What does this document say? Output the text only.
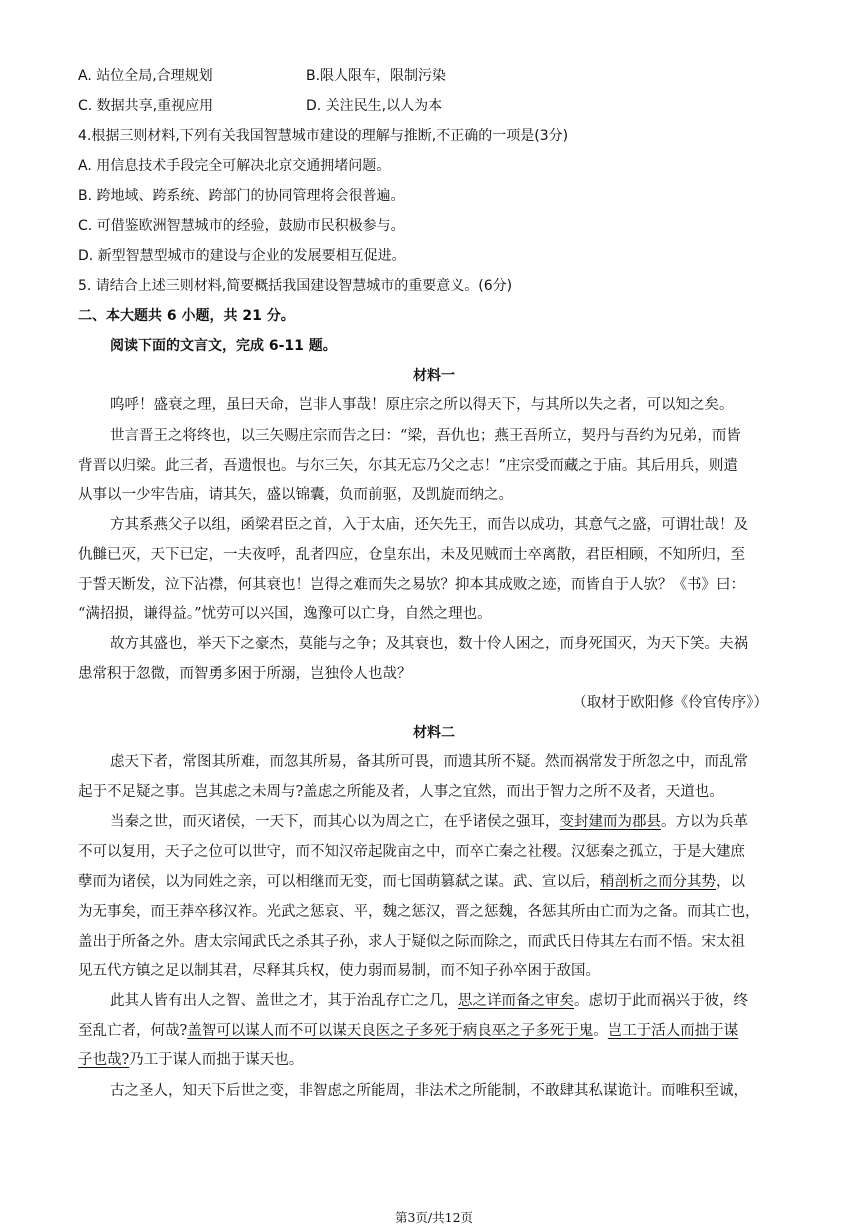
A. 站位全局,合理规划	B.限人限车，限制污染
C. 数据共享,重视应用	D. 关注民生,以人为本
4.根据三则材料,下列有关我国智慧城市建设的理解与推断,不正确的一项是(3分)
A. 用信息技术手段完全可解决北京交通拥堵问题。
B. 跨地域、跨系统、跨部门的协同管理将会很普遍。
C. 可借鉴欧洲智慧城市的经验，鼓励市民积极参与。
D. 新型智慧型城市的建设与企业的发展要相互促进。
5. 请结合上述三则材料,简要概括我国建设智慧城市的重要意义。(6分)
二、本大题共 6 小题，共 21 分。
阅读下面的文言文，完成 6-11 题。
材料一
呜呼！盛衰之理，虽曰天命，岂非人事哉！原庄宗之所以得天下，与其所以失之者，可以知之矣。
世言晋王之将终也，以三矢赐庄宗而告之曰：“梁，吾仇也；燕王吾所立，契丹与吾约为兄弟，而皆
背晋以归梁。此三者，吾遗恨也。与尔三矢，尔其无忘乃父之志！”庄宗受而藏之于庙。其后用兵，则遣
从事以一少牢告庙，请其矢，盛以锦囊，负而前驱，及凯旋而纳之。
方其系燕父子以组，函梁君臣之首，入于太庙，还矢先王，而告以成功，其意气之盛，可谓壮哉！及
仇雠已灭，天下已定，一夫夜呼，乱者四应，仓皇东出，未及见贼而士卒离散，君臣相顾，不知所归，至
于誓天断发，泣下沾襟，何其衰也！岂得之难而失之易欤？抑本其成败之迹，而皆自于人欤？《书》曰：
“满招损，谦得益。”忧劳可以兴国，逸豫可以亡身，自然之理也。
故方其盛也，举天下之豪杰，莫能与之争；及其衰也，数十伶人困之，而身死国灭，为天下笑。夫祸
患常积于忽微，而智勇多困于所溺，岂独伶人也哉？
（取材于欧阳修《伶官传序》）
材料二
虑天下者，常图其所难，而忽其所易，备其所可畏，而遗其所不疑。然而祸常发于所忽之中，而乱常
起于不足疑之事。岂其虑之未周与?盖虑之所能及者，人事之宜然，而出于智力之所不及者，天道也。
当秦之世，而灭诸侯，一天下，而其心以为周之亡，在乎诸侯之强耳，变封建而为郡县。方以为兵革
不可以复用，天子之位可以世守，而不知汉帝起陇亩之中，而卒亡秦之社稷。汉惩秦之孤立，于是大建庶
孽而为诸侯，以为同姓之亲，可以相继而无变，而七国萌篡弑之谋。武、宣以后，稍剖析之而分其势，以
为无事矣，而王莽卒移汉祚。光武之惩哀、平，魏之惩汉，晋之惩魏，各惩其所由亡而为之备。而其亡也，
盖出于所备之外。唐太宗闻武氏之杀其子孙，求人于疑似之际而除之，而武氏日侍其左右而不悟。宋太祖
见五代方镇之足以制其君，尽释其兵权，使力弱而易制，而不知子孙卒困于敌国。
此其人皆有出人之智、盖世之才，其于治乱存亡之几，思之详而备之审矣。虑切于此而祸兴于彼，终
至乱亡者，何哉?盖智可以谋人而不可以谋天良医之子多死于病良巫之子多死于鬼。岂工于活人而拙于谋
子也哉?乃工于谋人而拙于谋天也。
古之圣人，知天下后世之变，非智虑之所能周，非法术之所能制，不敢肆其私谋诡计。而唯积至诚，
第3页/共12页
